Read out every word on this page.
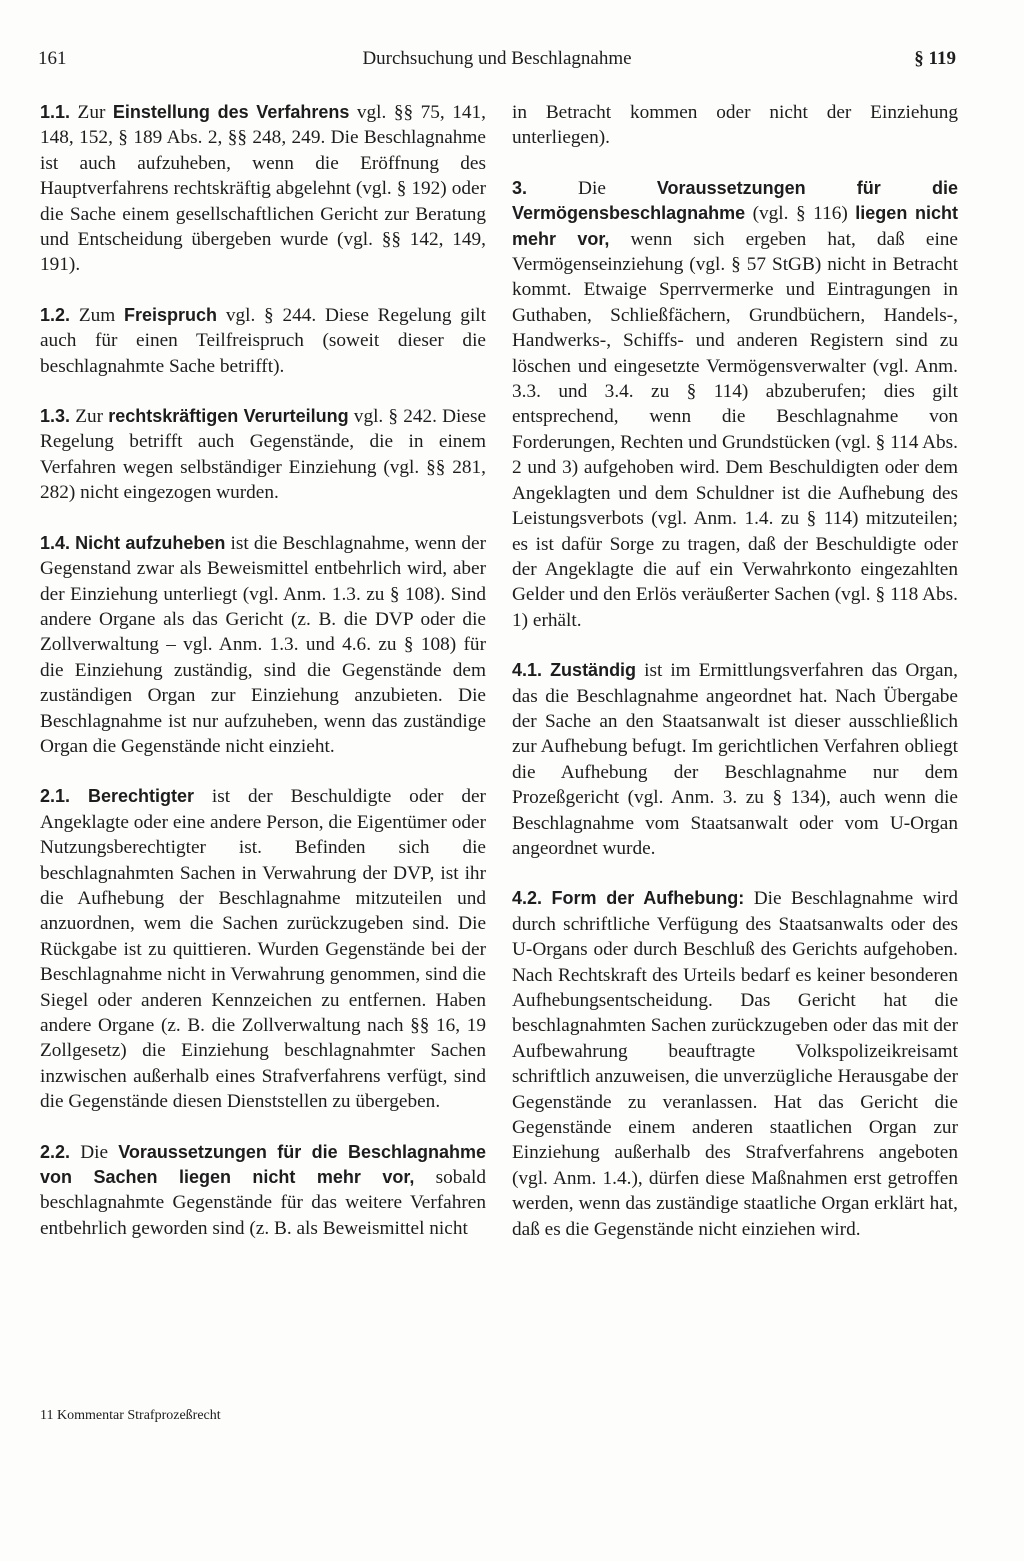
161	Durchsuchung und Beschlagnahme	§ 119

1.1. Zur Einstellung des Verfahrens vgl. §§ 75, 141, 148, 152, § 189 Abs. 2, §§ 248, 249. Die Beschlagnahme ist auch aufzuheben, wenn die Eröffnung des Hauptverfahrens rechtskräftig abgelehnt (vgl. § 192) oder die Sache einem gesellschaftlichen Gericht zur Beratung und Entscheidung übergeben wurde (vgl. §§ 142, 149, 191).

1.2. Zum Freispruch vgl. § 244. Diese Regelung gilt auch für einen Teilfreispruch (soweit dieser die beschlagnahmte Sache betrifft).

1.3. Zur rechtskräftigen Verurteilung vgl. § 242. Diese Regelung betrifft auch Gegenstände, die in einem Verfahren wegen selbständiger Einziehung (vgl. §§ 281, 282) nicht eingezogen wurden.

1.4. Nicht aufzuheben ist die Beschlagnahme, wenn der Gegenstand zwar als Beweismittel entbehrlich wird, aber der Einziehung unterliegt (vgl. Anm. 1.3. zu § 108). Sind andere Organe als das Gericht (z. B. die DVP oder die Zollverwaltung – vgl. Anm. 1.3. und 4.6. zu § 108) für die Einziehung zuständig, sind die Gegenstände dem zuständigen Organ zur Einziehung anzubieten. Die Beschlagnahme ist nur aufzuheben, wenn das zuständige Organ die Gegenstände nicht einzieht.

2.1. Berechtigter ist der Beschuldigte oder der Angeklagte oder eine andere Person, die Eigentümer oder Nutzungsberechtigter ist. Befinden sich die beschlagnahmten Sachen in Verwahrung der DVP, ist ihr die Aufhebung der Beschlagnahme mitzuteilen und anzuordnen, wem die Sachen zurückzugeben sind. Die Rückgabe ist zu quittieren. Wurden Gegenstände bei der Beschlagnahme nicht in Verwahrung genommen, sind die Siegel oder anderen Kennzeichen zu entfernen. Haben andere Organe (z. B. die Zollverwaltung nach §§ 16, 19 Zollgesetz) die Einziehung beschlagnahmter Sachen inzwischen außerhalb eines Strafverfahrens verfügt, sind die Gegenstände diesen Dienststellen zu übergeben.

2.2. Die Voraussetzungen für die Beschlagnahme von Sachen liegen nicht mehr vor, sobald beschlagnahmte Gegenstände für das weitere Verfahren entbehrlich geworden sind (z. B. als Beweismittel nicht

in Betracht kommen oder nicht der Einziehung unterliegen).

3.	Die	Voraussetzungen für die Vermögensbeschlagnahme (vgl. § 116) liegen nicht mehr vor, wenn sich ergeben hat, daß eine Vermögenseinziehung (vgl. § 57 StGB) nicht in Betracht kommt. Etwaige Sperrvermerke und Eintragungen in Guthaben, Schließfächern, Grundbüchern, Handels-, Handwerks-, Schiffs- und anderen Registern sind zu löschen und eingesetzte Vermögensverwalter (vgl. Anm. 3.3. und 3.4. zu § 114) abzuberufen; dies gilt entsprechend, wenn die Beschlagnahme von Forderungen, Rechten und Grundstücken (vgl. § 114 Abs. 2 und 3) aufgehoben wird. Dem Beschuldigten oder dem Angeklagten und dem Schuldner ist die Aufhebung des Leistungsverbots (vgl. Anm. 1.4. zu § 114) mitzuteilen; es ist dafür Sorge zu tragen, daß der Beschuldigte oder der Angeklagte die auf ein Verwahrkonto eingezahlten Gelder und den Erlös veräußerter Sachen (vgl. § 118 Abs. 1) erhält.

4.1. Zuständig ist im Ermittlungsverfahren das Organ, das die Beschlagnahme angeordnet hat. Nach Übergabe der Sache an den Staatsanwalt ist dieser ausschließlich zur Aufhebung befugt. Im gerichtlichen Verfahren obliegt die Aufhebung der Beschlagnahme nur dem Prozeßgericht (vgl. Anm. 3. zu § 134), auch wenn die Beschlagnahme vom Staatsanwalt oder vom U-Organ angeordnet wurde.

4.2. Form der Aufhebung: Die Beschlagnahme wird durch schriftliche Verfügung des Staatsanwalts oder des U-Organs oder durch Beschluß des Gerichts aufgehoben. Nach Rechtskraft des Urteils bedarf es keiner besonderen Aufhebungsentscheidung. Das Gericht hat die beschlagnahmten Sachen zurückzugeben oder das mit der Aufbewahrung beauftragte Volkspolizeikreisamt schriftlich anzuweisen, die unverzügliche Herausgabe der Gegenstände zu veranlassen. Hat das Gericht die Gegenstände einem anderen staatlichen Organ zur Einziehung außerhalb des Strafverfahrens angeboten (vgl. Anm. 1.4.), dürfen diese Maßnahmen erst getroffen werden, wenn das zuständige staatliche Organ erklärt hat, daß es die Gegenstände nicht einziehen wird.

11 Kommentar Strafprozeßrecht
